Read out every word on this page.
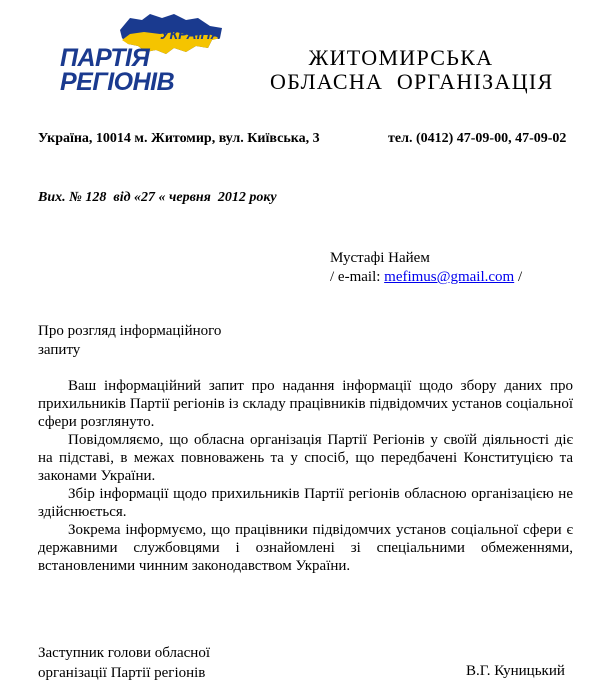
УКРАЇНА
ПАРТІЯ
РЕГІОНІВ
ЖИТОМИРСЬКА
ОБЛАСНА  ОРГАНІЗАЦІЯ
Україна, 10014 м. Житомир, вул. Київська, 3	тел. (0412) 47-09-00, 47-09-02
Вих. № 128  від «27 « червня  2012 року
Мустафі Найем
/ e-mail: mefimus@gmail.com /
Про розгляд інформаційного
запиту

Ваш інформаційний запит про надання інформації щодо збору даних про прихильників Партії регіонів із складу працівників підвідомчих установ соціальної сфери розглянуто.

Повідомляємо, що обласна організація Партії Регіонів у своїй діяльності діє на підставі, в межах повноважень та у спосіб, що передбачені Конституцією та законами України.

Збір інформації щодо прихильників Партії регіонів обласною організацією не здійснюється.

Зокрема інформуємо, що працівники підвідомчих установ соціальної сфери є державними службовцями і ознайомлені зі спеціальними обмеженнями, встановленими чинним законодавством України.

Заступник голови обласної
організації Партії регіонів	В.Г. Куницький
